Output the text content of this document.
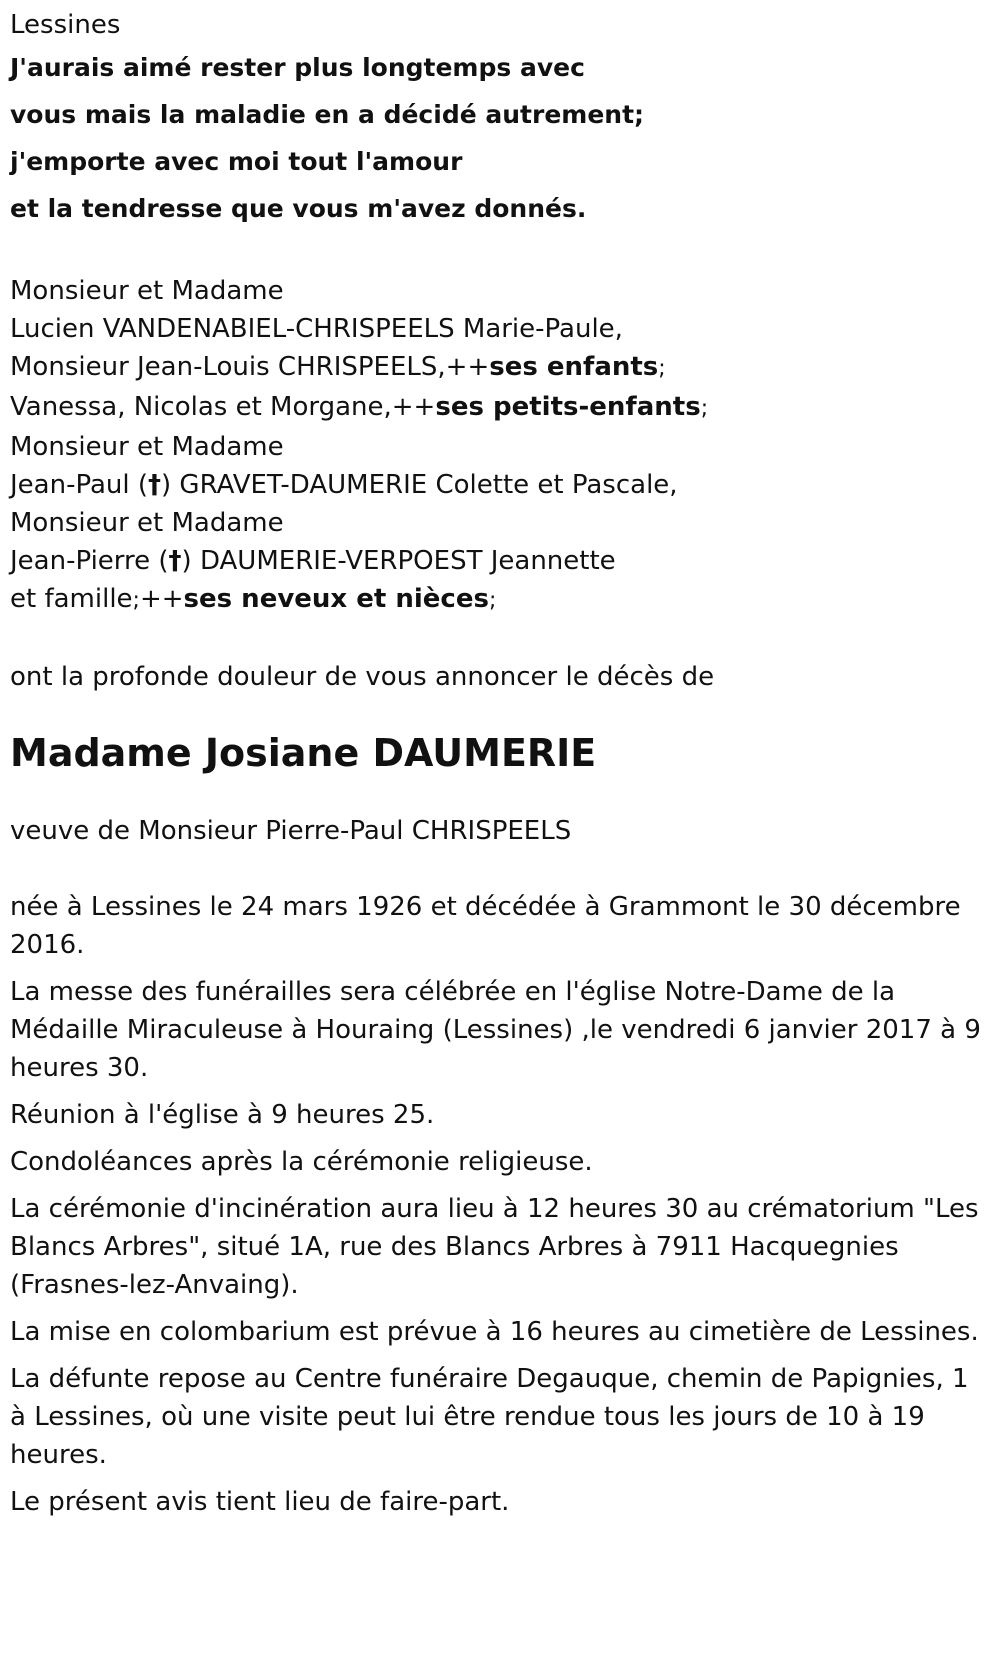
Lessines
J'aurais aimé rester plus longtemps avec
vous mais la maladie en a décidé autrement;
j'emporte avec moi tout l'amour
et la tendresse que vous m'avez donnés.
Monsieur et Madame
Lucien VANDENABIEL-CHRISPEELS Marie-Paule,
Monsieur Jean-Louis CHRISPEELS,++ses enfants;
Vanessa, Nicolas et Morgane,++ses petits-enfants;
Monsieur et Madame
Jean-Paul (†) GRAVET-DAUMERIE Colette et Pascale,
Monsieur et Madame
Jean-Pierre (†) DAUMERIE-VERPOEST Jeannette
et famille;++ses neveux et nièces;
ont la profonde douleur de vous annoncer le décès de
Madame Josiane DAUMERIE
veuve de Monsieur Pierre-Paul CHRISPEELS
née à Lessines le 24 mars 1926 et décédée à Grammont le 30 décembre 2016.
La messe des funérailles sera célébrée en l'église Notre-Dame de la Médaille Miraculeuse à Houraing (Lessines) ,le vendredi 6 janvier 2017 à 9 heures 30.
Réunion à l'église à 9 heures 25.
Condoléances après la cérémonie religieuse.
La cérémonie d'incinération aura lieu à 12 heures 30 au crématorium "Les Blancs Arbres", situé 1A, rue des Blancs Arbres à 7911 Hacquegnies (Frasnes-lez-Anvaing).
La mise en colombarium est prévue à 16 heures au cimetière de Lessines.
La défunte repose au Centre funéraire Degauque, chemin de Papignies, 1 à Lessines, où une visite peut lui être rendue tous les jours de 10 à 19 heures.
Le présent avis tient lieu de faire-part.
